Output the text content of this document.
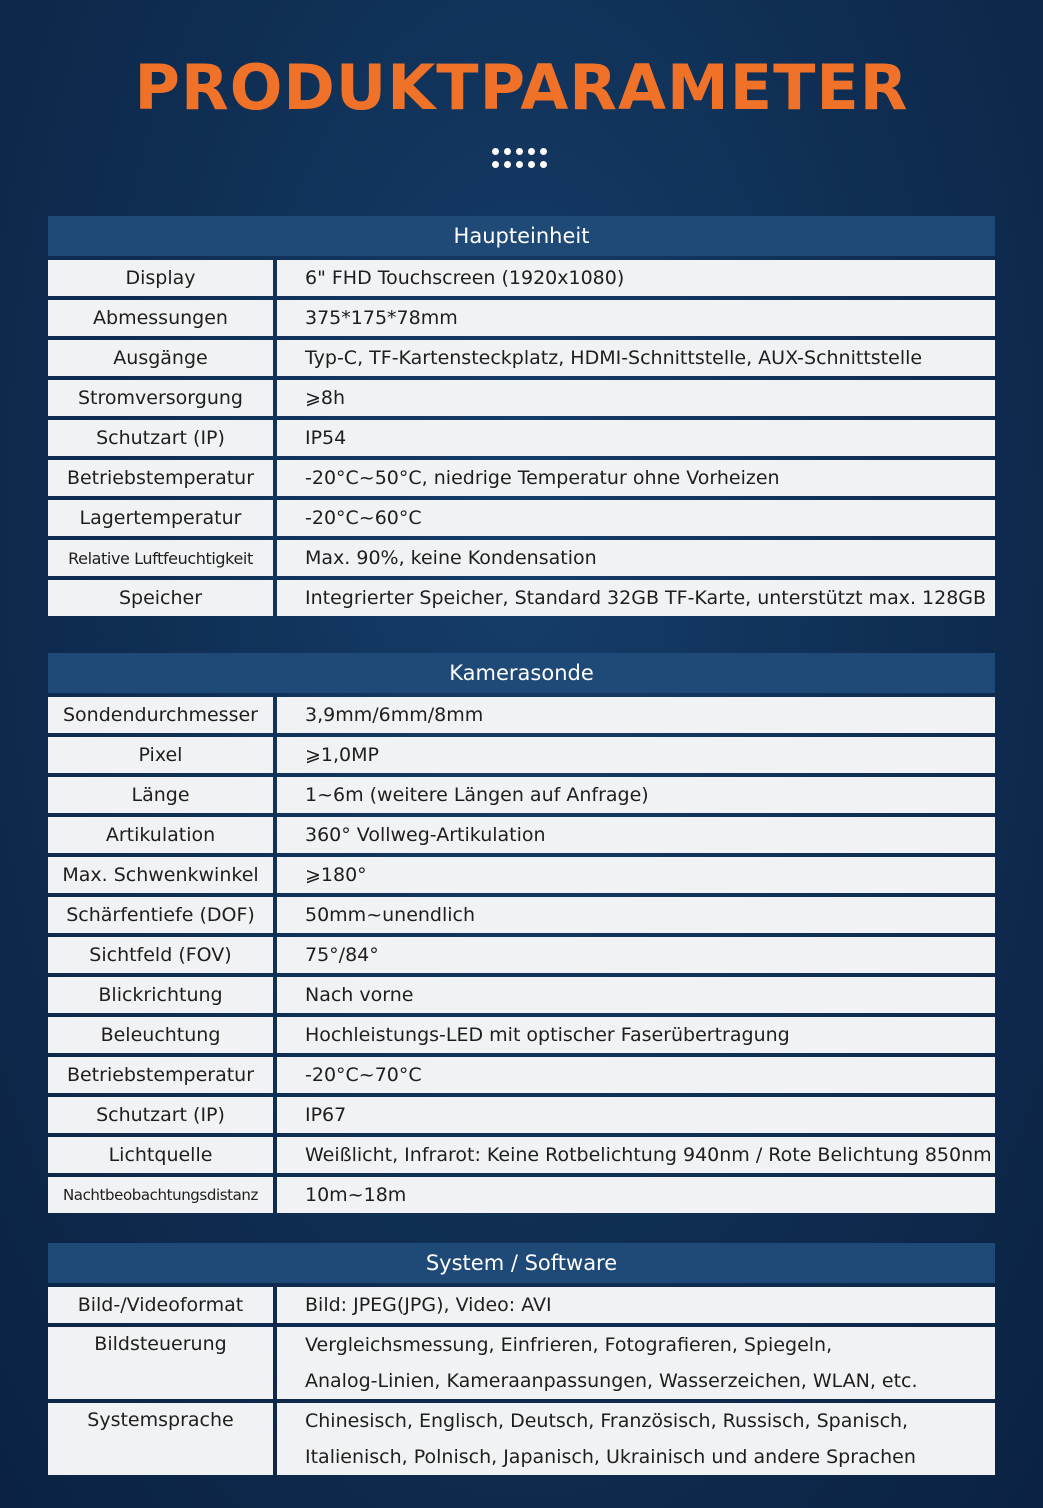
PRODUKTPARAMETER
Haupteinheit
Display	6" FHD Touchscreen (1920x1080)
Abmessungen	375*175*78mm
Ausgänge	Typ-C, TF-Kartensteckplatz, HDMI-Schnittstelle, AUX-Schnittstelle
Stromversorgung	⩾8h
Schutzart (IP)	IP54
Betriebstemperatur	-20°C~50°C, niedrige Temperatur ohne Vorheizen
Lagertemperatur	-20°C~60°C
Relative Luftfeuchtigkeit	Max. 90%, keine Kondensation
Speicher	Integrierter Speicher, Standard 32GB TF-Karte, unterstützt max. 128GB
Kamerasonde
Sondendurchmesser	3,9mm/6mm/8mm
Pixel	⩾1,0MP
Länge	1~6m (weitere Längen auf Anfrage)
Artikulation	360° Vollweg-Artikulation
Max. Schwenkwinkel	⩾180°
Schärfentiefe (DOF)	50mm~unendlich
Sichtfeld (FOV)	75°/84°
Blickrichtung	Nach vorne
Beleuchtung	Hochleistungs-LED mit optischer Faserübertragung
Betriebstemperatur	-20°C~70°C
Schutzart (IP)	IP67
Lichtquelle	Weißlicht, Infrarot: Keine Rotbelichtung 940nm / Rote Belichtung 850nm
Nachtbeobachtungsdistanz	10m~18m
System / Software
Bild-/Videoformat	Bild: JPEG(JPG), Video: AVI
Bildsteuerung	Vergleichsmessung, Einfrieren, Fotografieren, Spiegeln,
Analog-Linien, Kameraanpassungen, Wasserzeichen, WLAN, etc.
Systemsprache	Chinesisch, Englisch, Deutsch, Französisch, Russisch, Spanisch,
Italienisch, Polnisch, Japanisch, Ukrainisch und andere Sprachen
